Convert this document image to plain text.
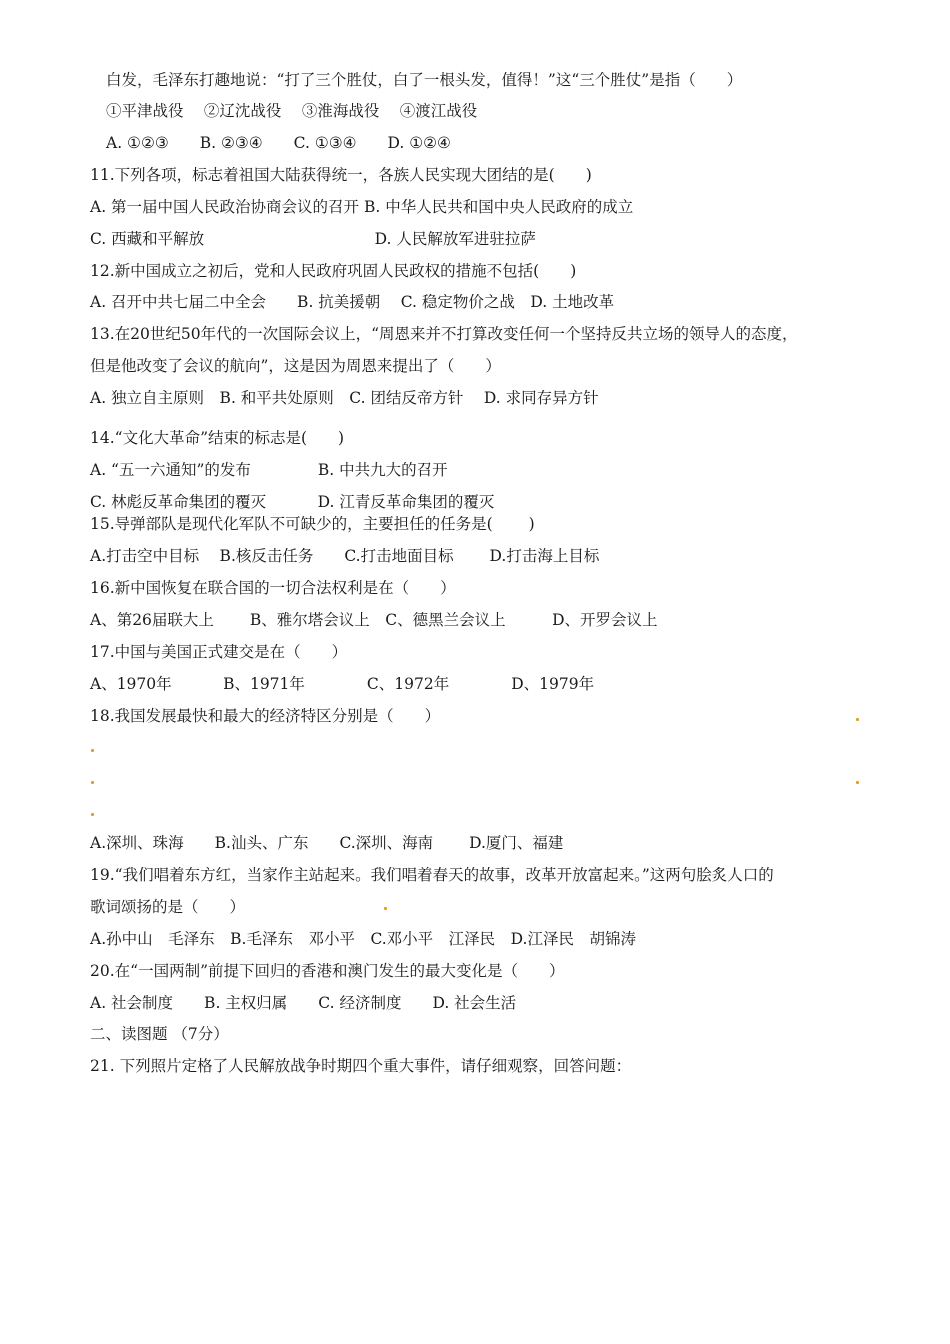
白发，毛泽东打趣地说：“打了三个胜仗，白了一根头发，值得！”这“三个胜仗”是指（　　）
①平津战役　 ②辽沈战役　 ③淮海战役　 ④渡江战役
A. ①②③　　B. ②③④　　C. ①③④　　D. ①②④
11.下列各项，标志着祖国大陆获得统一，各族人民实现大团结的是(　　)
A. 第一届中国人民政治协商会议的召开 B. 中华人民共和国中央人民政府的成立
C. 西藏和平解放　　　　　　　　　　　D. 人民解放军进驻拉萨
12.新中国成立之初后，党和人民政府巩固人民政权的措施不包括(　　)
A. 召开中共七届二中全会　　B. 抗美援朝　 C. 稳定物价之战　D. 土地改革
13.在20世纪50年代的一次国际会议上，“周恩来并不打算改变任何一个坚持反共立场的领导人的态度，
但是他改变了会议的航向”，这是因为周恩来提出了（　　）
A. 独立自主原则　B. 和平共处原则　C. 团结反帝方针　 D. 求同存异方针
14.“文化大革命”结束的标志是(　　)
A. “五一六通知”的发布　　　　 B. 中共九大的召开
C. 林彪反革命集团的覆灭　　　 D. 江青反革命集团的覆灭
15.导弹部队是现代化军队不可缺少的，主要担任的任务是(　　 )
A.打击空中目标　 B.核反击任务　　C.打击地面目标　　 D.打击海上目标
16.新中国恢复在联合国的一切合法权利是在（　　）
A、第26届联大上　　 B、雅尔塔会议上　C、德黑兰会议上　　　D、开罗会议上
17.中国与美国正式建交是在（　　）
A、1970年　　　 B、1971年　　　　C、1972年　　　　D、1979年
18.我国发展最快和最大的经济特区分别是（　　）
A.深圳、珠海　　B.汕头、广东　　C.深圳、海南　　 D.厦门、福建
19.“我们唱着东方红，当家作主站起来。我们唱着春天的故事，改革开放富起来。”这两句脍炙人口的
歌词颂扬的是（　　）
A.孙中山　毛泽东　B.毛泽东　邓小平　C.邓小平　江泽民　D.江泽民　胡锦涛
20.在“一国两制”前提下回归的香港和澳门发生的最大变化是（　　）
A. 社会制度　　B. 主权归属　　C. 经济制度　　D. 社会生活
二、读图题 （7分）
21. 下列照片定格了人民解放战争时期四个重大事件，请仔细观察，回答问题：
